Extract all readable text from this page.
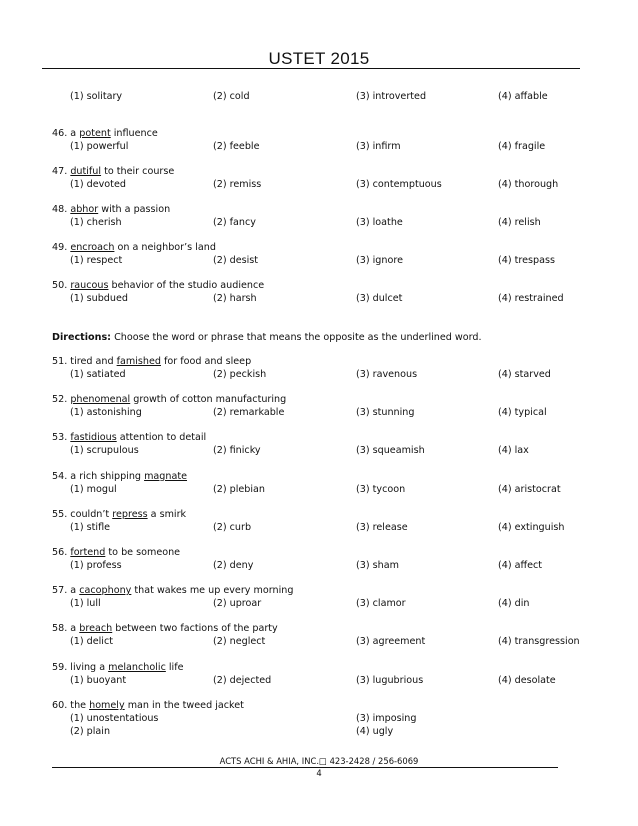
USTET 2015
(1) solitary	(2) cold	(3) introverted	(4) affable
Directions: Choose the word or phrase that means the opposite as the underlined word.
46. a potent influence
(1) powerful	(2) feeble	(3) infirm	(4) fragile
47. dutiful to their course
(1) devoted	(2) remiss	(3) contemptuous	(4) thorough
48. abhor with a passion
(1) cherish	(2) fancy	(3) loathe	(4) relish
49. encroach on a neighbor’s land
(1) respect	(2) desist	(3) ignore	(4) trespass
50. raucous behavior of the studio audience
(1) subdued	(2) harsh	(3) dulcet	(4) restrained
51. tired and famished for food and sleep
(1) satiated	(2) peckish	(3) ravenous	(4) starved
52. phenomenal growth of cotton manufacturing
(1) astonishing	(2) remarkable	(3) stunning	(4) typical
53. fastidious attention to detail
(1) scrupulous	(2) finicky	(3) squeamish	(4) lax
54. a rich shipping magnate
(1) mogul	(2) plebian	(3) tycoon	(4) aristocrat
55. couldn’t repress a smirk
(1) stifle	(2) curb	(3) release	(4) extinguish
56. fortend to be someone
(1) profess	(2) deny	(3) sham	(4) affect
57. a cacophony that wakes me up every morning
(1) lull	(2) uproar	(3) clamor	(4) din
58. a breach between two factions of the party
(1) delict	(2) neglect	(3) agreement	(4) transgression
59. living a melancholic life
(1) buoyant	(2) dejected	(3) lugubrious	(4) desolate
60. the homely man in the tweed jacket
(1) unostentatious	(3) imposing
(2) plain	(4) ugly
ACTS ACHI & AHIA, INC.□ 423-2428 / 256-6069
4
